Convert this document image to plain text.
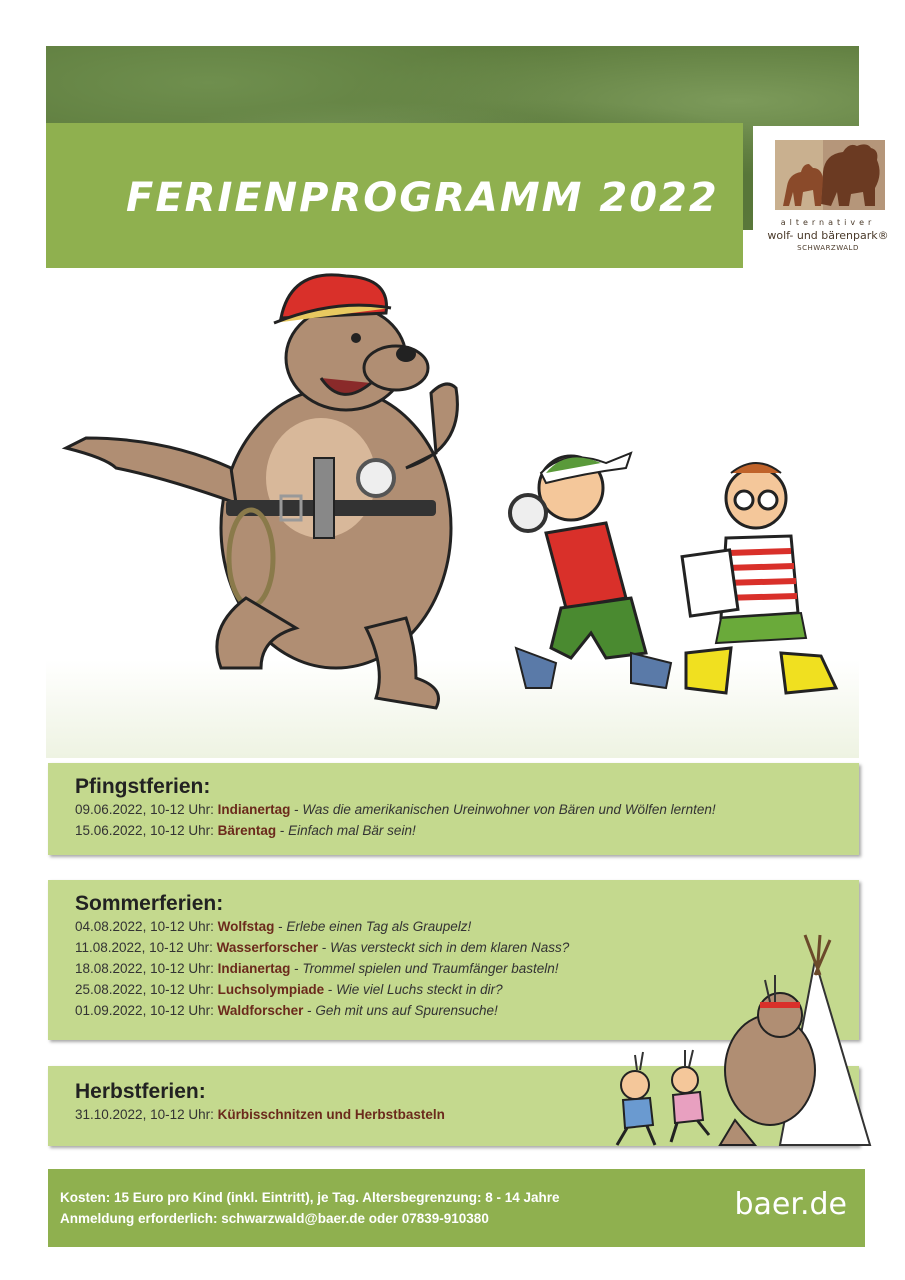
FERIENPROGRAMM 2022
alternativer
wolf- und bärenpark®
SCHWARZWALD
Pfingstferien:
09.06.2022, 10-12 Uhr: Indianertag - Was die amerikanischen Ureinwohner von Bären und Wölfen lernten!
15.06.2022, 10-12 Uhr: Bärentag - Einfach mal Bär sein!
Sommerferien:
04.08.2022, 10-12 Uhr: Wolfstag - Erlebe einen Tag als Graupelz!
11.08.2022, 10-12 Uhr: Wasserforscher - Was versteckt sich in dem klaren Nass?
18.08.2022, 10-12 Uhr: Indianertag - Trommel spielen und Traumfänger basteln!
25.08.2022, 10-12 Uhr: Luchsolympiade - Wie viel Luchs steckt in dir?
01.09.2022, 10-12 Uhr: Waldforscher - Geh mit uns auf Spurensuche!
Herbstferien:
31.10.2022, 10-12 Uhr: Kürbisschnitzen und Herbstbasteln
Kosten: 15 Euro pro Kind (inkl. Eintritt), je Tag. Altersbegrenzung: 8 - 14 Jahre
Anmeldung erforderlich: schwarzwald@baer.de oder 07839-910380	baer.de
